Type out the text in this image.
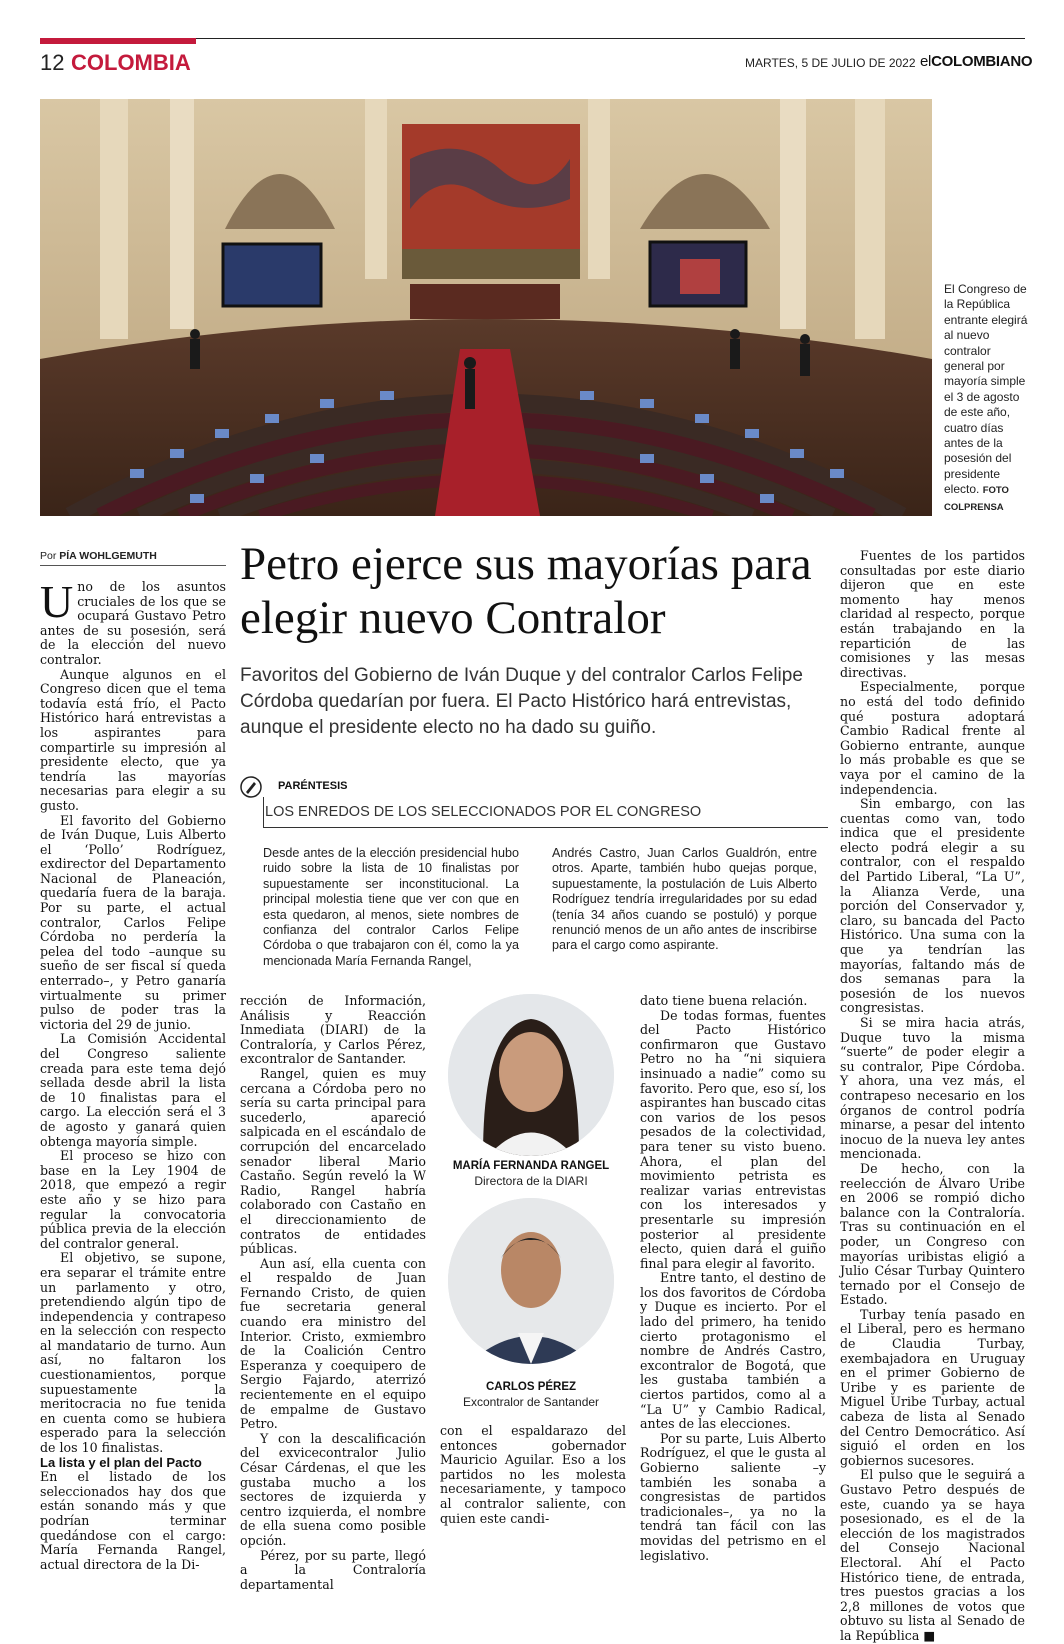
12 COLOMBIA	MARTES, 5 DE JULIO DE 2022 elCOLOMBIANO
El Congreso de la República entrante elegirá al nuevo contralor general por mayoría simple el 3 de agosto de este año, cuatro días antes de la posesión del presidente electo. FOTO COLPRENSA
Por PÍA WOHLGEMUTH Petro ejerce sus mayorías para elegir nuevo Contralor
Favoritos del Gobierno de Iván Duque y del contralor Carlos Felipe Córdoba quedarían por fuera. El Pacto Histórico hará entrevistas, aunque el presidente electo no ha dado su guiño.
PARÉNTESIS
LOS ENREDOS DE LOS SELECCIONADOS POR EL CONGRESO
Desde antes de la elección presidencial hubo ruido sobre la lista de 10 finalistas por supuestamente ser inconstitucional. La principal molestia tiene que ver con que en esta quedaron, al menos, siete nombres de confianza del contralor Carlos Felipe Córdoba o que trabajaron con él, como la ya mencionada María Fernanda Rangel,
Andrés Castro, Juan Carlos Gualdrón, entre otros. Aparte, también hubo quejas porque, supuestamente, la postulación de Luis Alberto Rodríguez tendría irregularidades por su edad (tenía 34 años cuando se postuló) y porque renunció menos de un año antes de inscribirse para el cargo como aspirante.

Uno de los asuntos cruciales de los que se ocupará Gustavo Petro antes de su posesión, será de la elección del nuevo contralor.

Aunque algunos en el Congreso dicen que el tema todavía está frío, el Pacto Histórico hará entrevistas a los aspirantes para compartirle su impresión al presidente electo, que ya tendría las mayorías necesarias para elegir a su gusto.

El favorito del Gobierno de Iván Duque, Luis Alberto el ‘Pollo’ Rodríguez, exdirector del Departamento Nacional de Planeación, quedaría fuera de la baraja. Por su parte, el actual contralor, Carlos Felipe Córdoba no perdería la pelea del todo –aunque su sueño de ser fiscal sí queda enterrado–, y Petro ganaría virtualmente su primer pulso de poder tras la victoria del 29 de junio.

La Comisión Accidental del Congreso saliente creada para este tema dejó sellada desde abril la lista de 10 finalistas para el cargo. La elección será el 3 de agosto y ganará quien obtenga mayoría simple.

El proceso se hizo con base en la Ley 1904 de 2018, que empezó a regir este año y se hizo para regular la convocatoria pública previa de la elección del contralor general.

El objetivo, se supone, era separar el trámite entre un parlamento y otro, pretendiendo algún tipo de independencia y contrapeso en la selección con respecto al mandatario de turno. Aun así, no faltaron los cuestionamientos, porque supuestamente la meritocracia no fue tenida en cuenta como se hubiera esperado para la selección de los 10 finalistas.

La lista y el plan del Pacto

En el listado de los seleccionados hay dos que están sonando más y que podrían terminar quedándose con el cargo: María Fernanda Rangel, actual directora de la Di-

rección de Información, Análisis y Reacción Inmediata (DIARI) de la Contraloría, y Carlos Pérez, excontralor de Santander.

Rangel, quien es muy cercana a Córdoba pero no sería su carta principal para sucederlo, apareció salpicada en el escándalo de corrupción del encarcelado senador liberal Mario Castaño. Según reveló la W Radio, Rangel habría colaborado con Castaño en el direccionamiento de contratos de entidades públicas.

Aun así, ella cuenta con el respaldo de Juan Fernando Cristo, de quien fue secretaria general cuando era ministro del Interior. Cristo, exmiembro de la Coalición Centro Esperanza y coequipero de Sergio Fajardo, aterrizó recientemente en el equipo de empalme de Gustavo Petro.

Y con la descalificación del exvicecontralor Julio César Cárdenas, el que les gustaba mucho a los sectores de izquierda y centro izquierda, el nombre de ella suena como posible opción.

Pérez, por su parte, llegó a la Contraloría departamental

MARÍA FERNANDA RANGEL
Directora de la DIARI
CARLOS PÉREZ
Excontralor de Santander

con el espaldarazo del entonces gobernador Mauricio Aguilar. Eso a los partidos no les molesta necesariamente, y tampoco al contralor saliente, con quien este candi-

dato tiene buena relación.

De todas formas, fuentes del Pacto Histórico confirmaron que Gustavo Petro no ha “ni siquiera insinuado a nadie” como su favorito. Pero que, eso sí, los aspirantes han buscado citas con varios de los pesos pesados de la colectividad, para tener su visto bueno. Ahora, el plan del movimiento petrista es realizar varias entrevistas con los interesados y presentarle su impresión posterior al presidente electo, quien dará el guiño final para elegir al favorito.

Entre tanto, el destino de los dos favoritos de Córdoba y Duque es incierto. Por el lado del primero, ha tenido cierto protagonismo el nombre de Andrés Castro, excontralor de Bogotá, que les gustaba también a ciertos partidos, como al a “La U” y Cambio Radical, antes de las elecciones.

Por su parte, Luis Alberto Rodríguez, el que le gusta al Gobierno saliente –y también les sonaba a congresistas de partidos tradicionales–, ya no la tendrá tan fácil con las movidas del petrismo en el legislativo.

Fuentes de los partidos consultadas por este diario dijeron que en este momento hay menos claridad al respecto, porque están trabajando en la repartición de las comisiones y las mesas directivas.

Especialmente, porque no está del todo definido qué postura adoptará Cambio Radical frente al Gobierno entrante, aunque lo más probable es que se vaya por el camino de la independencia.

Sin embargo, con las cuentas como van, todo indica que el presidente electo podrá elegir a su contralor, con el respaldo del Partido Liberal, “La U”, la Alianza Verde, una porción del Conservador y, claro, su bancada del Pacto Histórico. Una suma con la que ya tendrían las mayorías, faltando más de dos semanas para la posesión de los nuevos congresistas.

Si se mira hacia atrás, Duque tuvo la misma “suerte” de poder elegir a su contralor, Pipe Córdoba. Y ahora, una vez más, el contrapeso necesario en los órganos de control podría minarse, a pesar del intento inocuo de la nueva ley antes mencionada.

De hecho, con la reelección de Álvaro Uribe en 2006 se rompió dicho balance con la Contraloría. Tras su continuación en el poder, un Congreso con mayorías uribistas eligió a Julio César Turbay Quintero ternado por el Consejo de Estado.

Turbay tenía pasado en el Liberal, pero es hermano de Claudia Turbay, exembajadora en Uruguay en el primer Gobierno de Uribe y es pariente de Miguel Uribe Turbay, actual cabeza de lista al Senado del Centro Democrático. Así siguió el orden en los gobiernos sucesores.

El pulso que le seguirá a Gustavo Petro después de este, cuando ya se haya posesionado, es el de la elección de los magistrados del Consejo Nacional Electoral. Ahí el Pacto Histórico tiene, de entrada, tres puestos gracias a los 2,8 millones de votos que obtuvo su lista al Senado de la República ■
